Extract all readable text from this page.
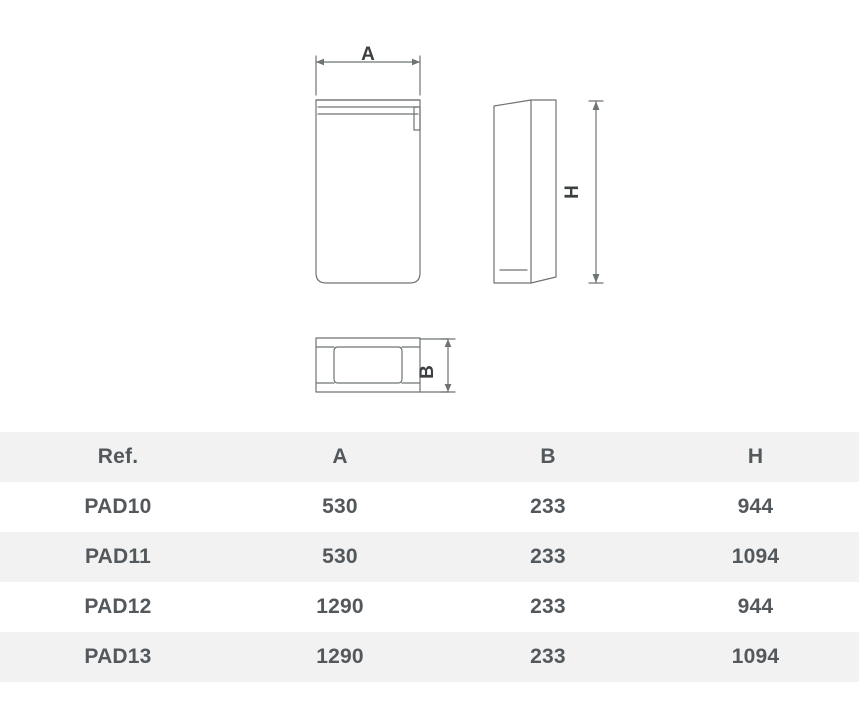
A
H
B
Ref.	A	B	H
PAD10	530	233	944
PAD11	530	233	1094
PAD12	1290	233	944
PAD13	1290	233	1094
